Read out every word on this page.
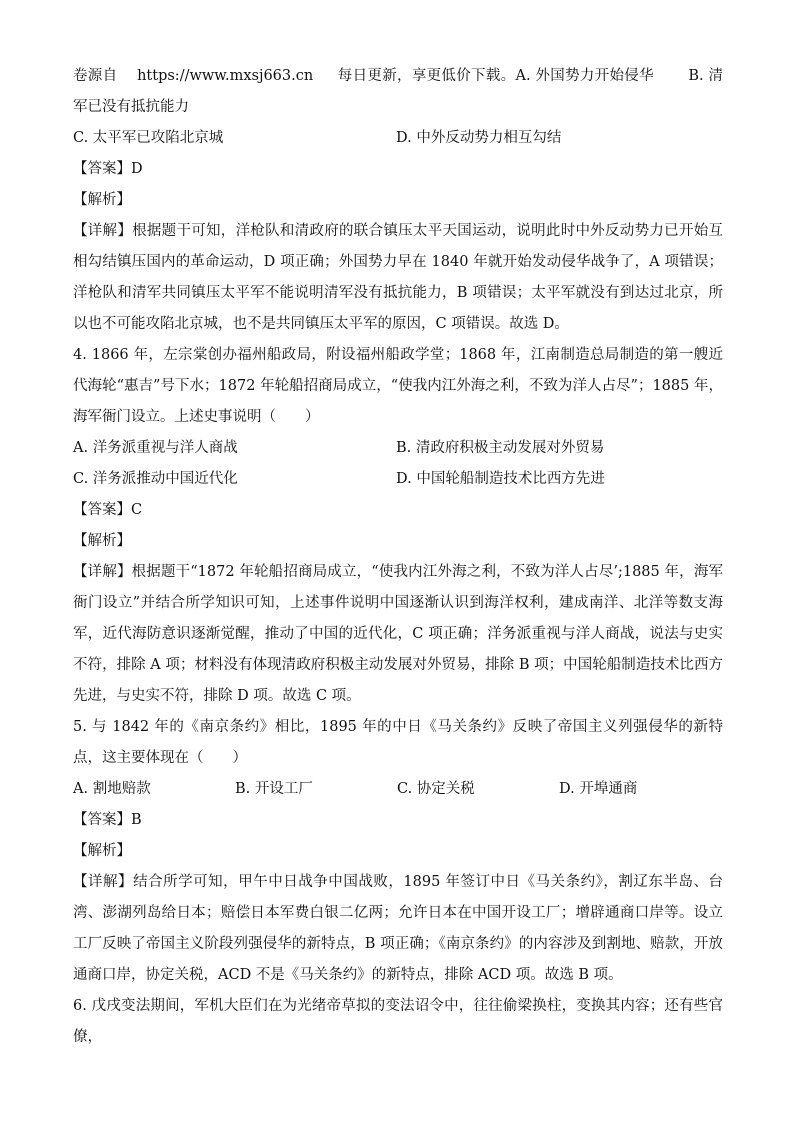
卷源自 https://www.mxsj663.cn 每日更新，享更低价下载。A. 外国势力开始侵华 B. 清军已没有抵抗能力
C. 太平军已攻陷北京城	D. 中外反动势力相互勾结
【答案】D
【解析】
【详解】根据题干可知，洋枪队和清政府的联合镇压太平天国运动，说明此时中外反动势力已开始互相勾结镇压国内的革命运动，D 项正确；外国势力早在 1840 年就开始发动侵华战争了，A 项错误；洋枪队和清军共同镇压太平军不能说明清军没有抵抗能力，B 项错误；太平军就没有到达过北京，所以也不可能攻陷北京城，也不是共同镇压太平军的原因，C 项错误。故选 D。
4. 1866 年，左宗棠创办福州船政局，附设福州船政学堂；1868 年，江南制造总局制造的第一艘近代海轮“惠吉”号下水；1872 年轮船招商局成立，“使我内江外海之利，不致为洋人占尽”；1885 年，海军衙门设立。上述史事说明（　　）
A. 洋务派重视与洋人商战	B. 清政府积极主动发展对外贸易
C. 洋务派推动中国近代化	D. 中国轮船制造技术比西方先进
【答案】C
【解析】
【详解】根据题干“1872 年轮船招商局成立，“使我内江外海之利，不致为洋人占尽’;1885 年，海军衙门设立”并结合所学知识可知，上述事件说明中国逐渐认识到海洋权利，建成南洋、北洋等数支海军，近代海防意识逐渐觉醒，推动了中国的近代化，C 项正确；洋务派重视与洋人商战，说法与史实不符，排除 A 项；材料没有体现清政府积极主动发展对外贸易，排除 B 项；中国轮船制造技术比西方先进，与史实不符，排除 D 项。故选 C 项。
5. 与 1842 年的《南京条约》相比，1895 年的中日《马关条约》反映了帝国主义列强侵华的新特点，这主要体现在（　　）
A. 割地赔款	B. 开设工厂	C. 协定关税	D. 开埠通商
【答案】B
【解析】
【详解】结合所学可知，甲午中日战争中国战败，1895 年签订中日《马关条约》，割辽东半岛、台湾、澎湖列岛给日本；赔偿日本军费白银二亿两；允许日本在中国开设工厂；增辟通商口岸等。设立工厂反映了帝国主义阶段列强侵华的新特点，B 项正确；《南京条约》的内容涉及到割地、赔款，开放通商口岸，协定关税，ACD 不是《马关条约》的新特点，排除 ACD 项。故选 B 项。
6. 戊戌变法期间，军机大臣们在为光绪帝草拟的变法诏令中，往往偷梁换柱，变换其内容；还有些官僚，
